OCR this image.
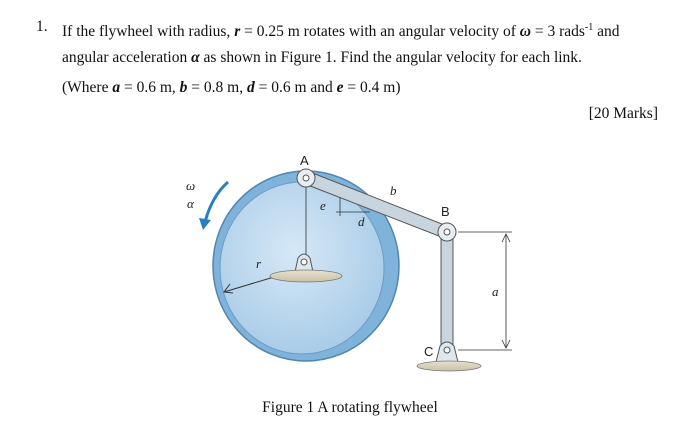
1. If the flywheel with radius, r = 0.25 m rotates with an angular velocity of ω = 3 rads$^{-1}$ and
angular acceleration α as shown in Figure 1. Find the angular velocity for each link.
(Where a = 0.6 m, b = 0.8 m, d = 0.6 m and e = 0.4 m)
[20 Marks]
r
e
d
b
A
B
C
a
ω
α
Figure 1 A rotating flywheel
